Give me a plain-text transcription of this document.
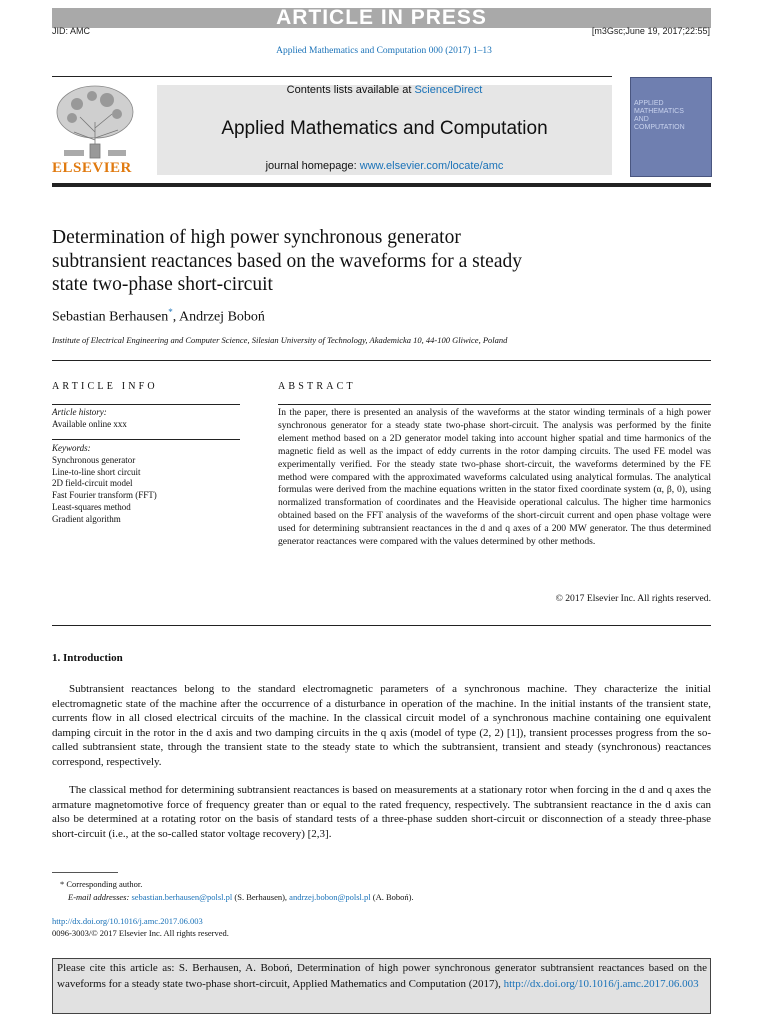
ARTICLE IN PRESS
JID: AMC	[m3Gsc;June 19, 2017;22:55]
Applied Mathematics and Computation 000 (2017) 1–13
ELSEVIER
Contents lists available at ScienceDirect
Applied Mathematics and Computation
journal homepage: www.elsevier.com/locate/amc
APPLIED
MATHEMATICS
AND
COMPUTATION
Determination of high power synchronous generator
subtransient reactances based on the waveforms for a steady
state two-phase short-circuit
Sebastian Berhausen*, Andrzej Boboń
Institute of Electrical Engineering and Computer Science, Silesian University of Technology, Akademicka 10, 44-100 Gliwice, Poland
ARTICLE INFO
Article history:
Available online xxx
Keywords:
Synchronous generator
Line-to-line short circuit
2D field-circuit model
Fast Fourier transform (FFT)
Least-squares method
Gradient algorithm
ABSTRACT
In the paper, there is presented an analysis of the waveforms at the stator winding terminals of a high power synchronous generator for a steady state two-phase short-circuit. The analysis was performed by the finite element method based on a 2D generator model taking into account higher spatial and time harmonics of the magnetic field as well as the impact of eddy currents in the rotor damping circuits. The used FE model was experimentally verified. For the steady state two-phase short-circuit, the waveforms determined by the FE method were compared with the approximated waveforms calculated using analytical formulas. The analytical formulas were derived from the machine equations written in the stator fixed coordinate system (α, β, 0), using normalized transformation of coordinates and the Heaviside operational calculus. The higher time harmonics obtained based on the FFT analysis of the waveforms of the short-circuit current and open phase voltage were used for determining subtransient reactances in the d and q axes of a 200 MW generator. The thus determined generator reactances were compared with the values determined by other methods.
© 2017 Elsevier Inc. All rights reserved.
1. Introduction
Subtransient reactances belong to the standard electromagnetic parameters of a synchronous machine. They characterize the initial electromagnetic state of the machine after the occurrence of a disturbance in operation of the machine. In the initial instants of the transient state, currents flow in all closed electrical circuits of the machine. In the classical circuit model of a synchronous machine containing one equivalent damping circuit in the rotor in the d axis and two damping circuits in the q axis (model of type (2, 2) [1]), transient processes progress from the so-called subtransient state, through the transient state to the steady state to which the subtransient, transient and steady (synchronous) reactances correspond, respectively.
The classical method for determining subtransient reactances is based on measurements at a stationary rotor when forcing in the d and q axes the armature magnetomotive force of frequency greater than or equal to the rated frequency, respectively. The subtransient reactance in the d axis can also be determined at a rotating rotor on the basis of standard tests of a three-phase sudden short-circuit or disconnection of a steady three-phase short-circuit (i.e., at the so-called stator voltage recovery) [2,3].
* Corresponding author.
E-mail addresses: sebastian.berhausen@polsl.pl (S. Berhausen), andrzej.bobon@polsl.pl (A. Boboń).
http://dx.doi.org/10.1016/j.amc.2017.06.003
0096-3003/© 2017 Elsevier Inc. All rights reserved.
Please cite this article as: S. Berhausen, A. Boboń, Determination of high power synchronous generator subtransient reactances based on the waveforms for a steady state two-phase short-circuit, Applied Mathematics and Computation (2017), http://dx.doi.org/10.1016/j.amc.2017.06.003
